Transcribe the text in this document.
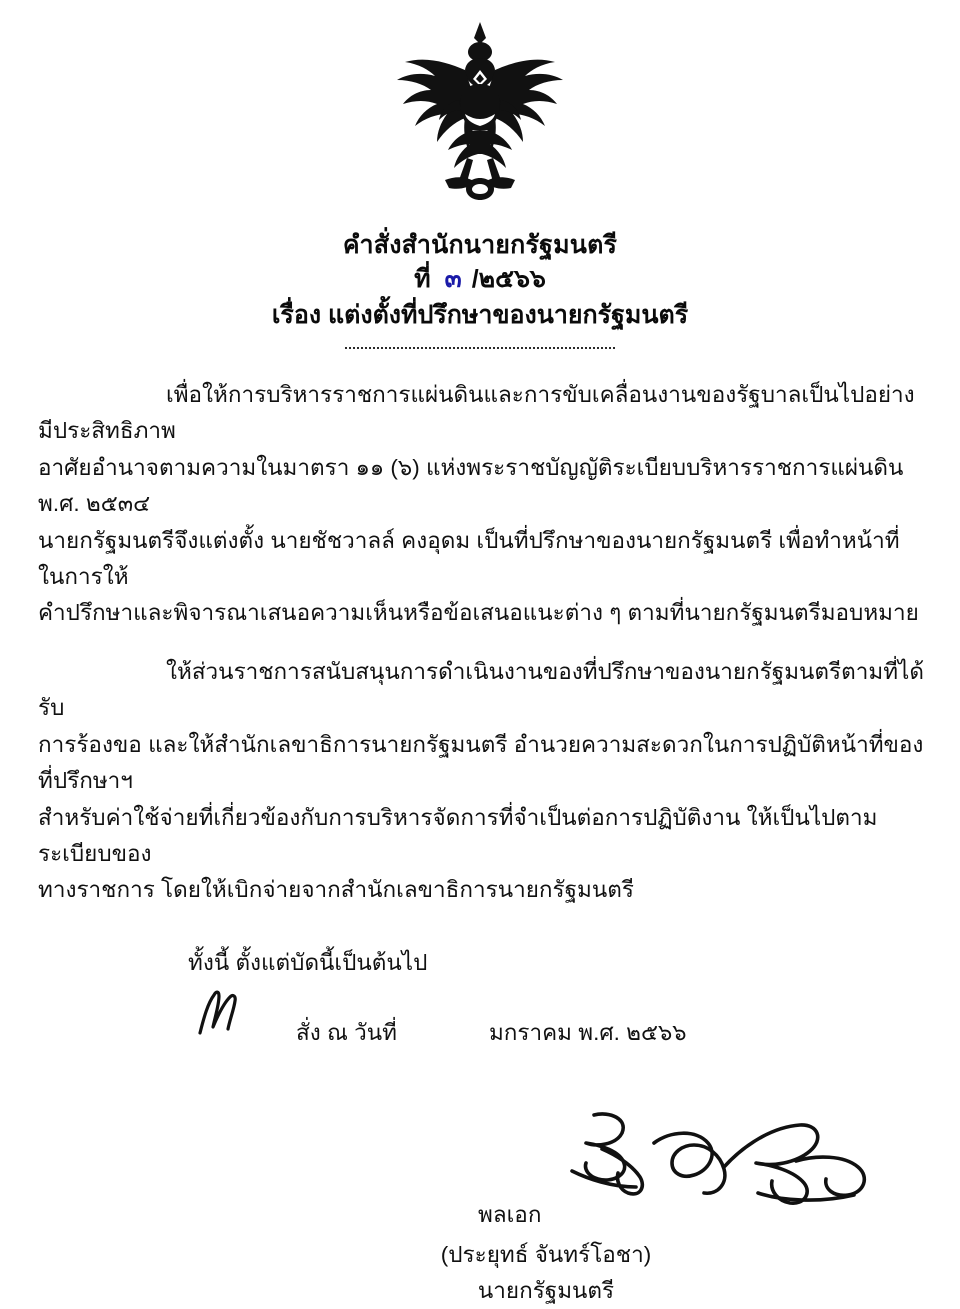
คำสั่งสำนักนายกรัฐมนตรี
ที่ ๓ /๒๕๖๖
เรื่อง แต่งตั้งที่ปรึกษาของนายกรัฐมนตรี
เพื่อให้การบริหารราชการแผ่นดินและการขับเคลื่อนงานของรัฐบาลเป็นไปอย่างมีประสิทธิภาพ
อาศัยอำนาจตามความในมาตรา ๑๑ (๖) แห่งพระราชบัญญัติระเบียบบริหารราชการแผ่นดิน พ.ศ. ๒๕๓๔
นายกรัฐมนตรีจึงแต่งตั้ง นายชัชวาลล์ คงอุดม เป็นที่ปรึกษาของนายกรัฐมนตรี เพื่อทำหน้าที่ในการให้
คำปรึกษาและพิจารณาเสนอความเห็นหรือข้อเสนอแนะต่าง ๆ ตามที่นายกรัฐมนตรีมอบหมาย
ให้ส่วนราชการสนับสนุนการดำเนินงานของที่ปรึกษาของนายกรัฐมนตรีตามที่ได้รับ
การร้องขอ และให้สำนักเลขาธิการนายกรัฐมนตรี อำนวยความสะดวกในการปฏิบัติหน้าที่ของที่ปรึกษาฯ
สำหรับค่าใช้จ่ายที่เกี่ยวข้องกับการบริหารจัดการที่จำเป็นต่อการปฏิบัติงาน ให้เป็นไปตามระเบียบของ
ทางราชการ โดยให้เบิกจ่ายจากสำนักเลขาธิการนายกรัฐมนตรี
ทั้งนี้ ตั้งแต่บัดนี้เป็นต้นไป
สั่ง ณ วันที่	มกราคม พ.ศ. ๒๕๖๖
พลเอก
(ประยุทธ์ จันทร์โอชา)
นายกรัฐมนตรี
